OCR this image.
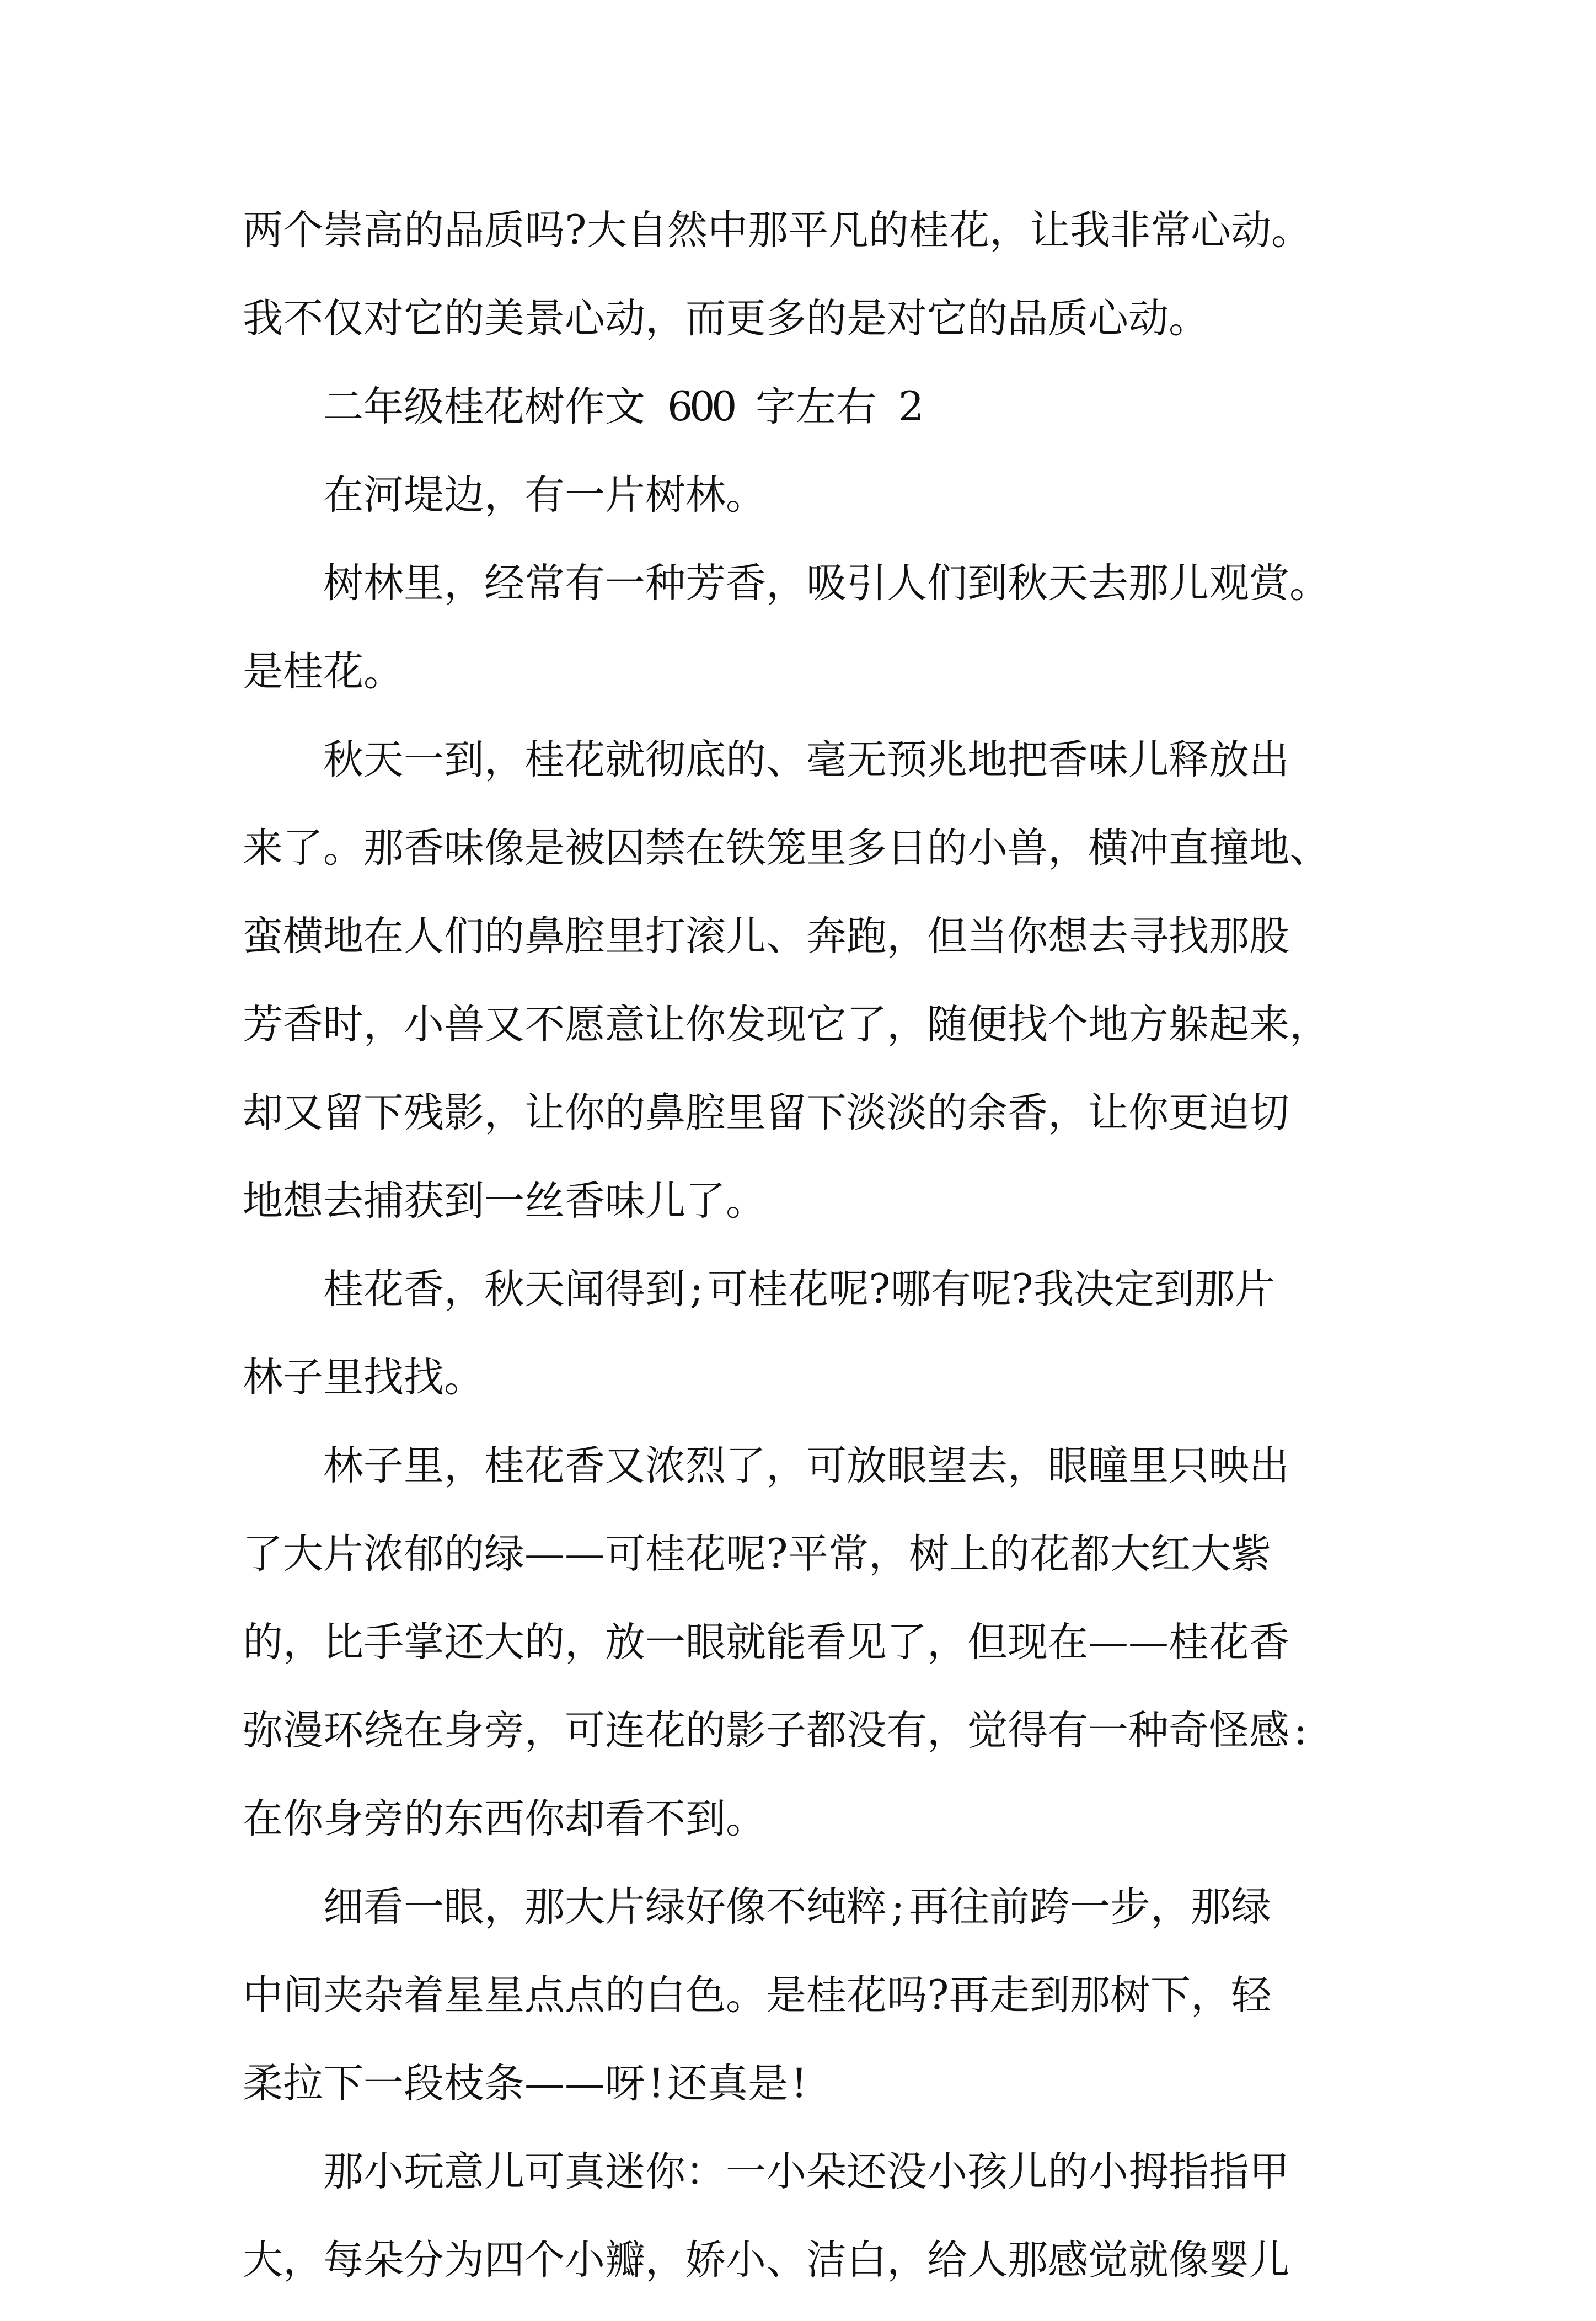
两 个 崇 高 的 品 质 吗 ? 大 自 然 中 那 平 凡 的 桂 花 ， 让 我 非 常 心 动 。
我 不 仅 对 它 的 美 景 心 动 ， 而 更 多 的 是 对 它 的 品 质 心 动 。
二 年 级 桂 花 树 作 文 6
0
0 字 左 右 2
在 河 堤 边 ， 有 一 片 树 林 。
树 林 里 ， 经 常 有 一 种 芳 香 ， 吸 引 人 们 到 秋 天 去 那 儿 观 赏 。
是 桂 花 。
秋 天 一 到 ， 桂 花 就 彻 底 的 、 毫 无 预 兆 地 把 香 味 儿 释 放 出
来 了 。 那 香 味 像 是 被 囚 禁 在 铁 笼 里 多 日 的 小 兽 ， 横 冲 直 撞 地 、
蛮 横 地 在 人 们 的 鼻 腔 里 打 滚 儿 、 奔 跑 ， 但 当 你 想 去 寻 找 那 股
芳 香 时 ， 小 兽 又 不 愿 意 让 你 发 现 它 了 ， 随 便 找 个 地 方 躲 起 来 ，
却 又 留 下 残 影 ， 让 你 的 鼻 腔 里 留 下 淡 淡 的 余 香 ， 让 你 更 迫 切
地 想 去 捕 获 到 一 丝 香 味 儿 了 。
桂 花 香 ， 秋 天 闻 得 到 ; 可 桂 花 呢 ? 哪 有 呢 ? 我 决 定 到 那 片
林 子 里 找 找 。
林 子 里 ， 桂 花 香 又 浓 烈 了 ， 可 放 眼 望 去 ， 眼 瞳 里 只 映 出
了 大 片 浓 郁 的 绿 — — 可 桂 花 呢 ? 平 常 ， 树 上 的 花 都 大 红 大 紫
的 ， 比 手 掌 还 大 的 ， 放 一 眼 就 能 看 见 了 ， 但 现 在 — — 桂 花 香
弥 漫 环 绕 在 身 旁 ， 可 连 花 的 影 子 都 没 有 ， 觉 得 有 一 种 奇 怪 感 :
在 你 身 旁 的 东 西 你 却 看 不 到 。
细 看 一 眼 ， 那 大 片 绿 好 像 不 纯 粹 ; 再 往 前 跨 一 步 ， 那 绿
中 间 夹 杂 着 星 星 点 点 的 白 色 。 是 桂 花 吗 ? 再 走 到 那 树 下 ， 轻
柔 拉 下 一 段 枝 条 — — 呀 ! 还 真 是 !
那 小 玩 意 儿 可 真 迷 你 ： 一 小 朵 还 没 小 孩 儿 的 小 拇 指 指 甲
大 ， 每 朵 分 为 四 个 小 瓣 ， 娇 小 、 洁 白 ， 给 人 那 感 觉 就 像 婴 儿
